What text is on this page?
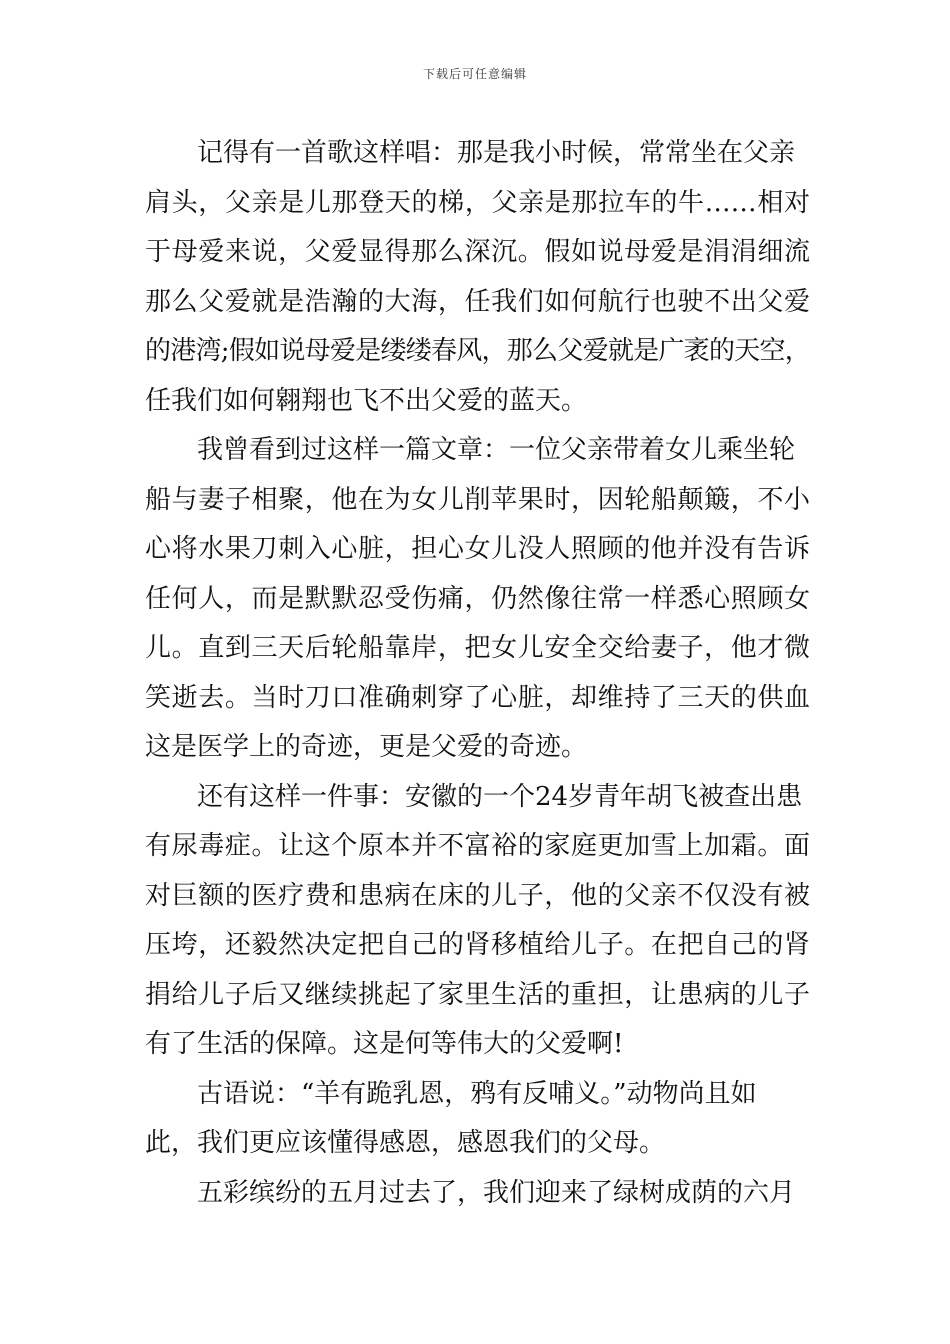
下载后可任意编辑
记得有一首歌这样唱：那是我小时候，常常坐在父亲
肩头，父亲是儿那登天的梯，父亲是那拉车的牛……相对
于母爱来说，父爱显得那么深沉。假如说母爱是涓涓细流
那么父爱就是浩瀚的大海，任我们如何航行也驶不出父爱
的港湾;假如说母爱是缕缕春风，那么父爱就是广袤的天空，
任我们如何翱翔也飞不出父爱的蓝天。
我曾看到过这样一篇文章：一位父亲带着女儿乘坐轮
船与妻子相聚，他在为女儿削苹果时，因轮船颠簸，不小
心将水果刀刺入心脏，担心女儿没人照顾的他并没有告诉
任何人，而是默默忍受伤痛，仍然像往常一样悉心照顾女
儿。直到三天后轮船靠岸，把女儿安全交给妻子，他才微
笑逝去。当时刀口准确刺穿了心脏，却维持了三天的供血
这是医学上的奇迹，更是父爱的奇迹。
还有这样一件事：安徽的一个24岁青年胡飞被查出患
有尿毒症。让这个原本并不富裕的家庭更加雪上加霜。面
对巨额的医疗费和患病在床的儿子，他的父亲不仅没有被
压垮，还毅然决定把自己的肾移植给儿子。在把自己的肾
捐给儿子后又继续挑起了家里生活的重担，让患病的儿子
有了生活的保障。这是何等伟大的父爱啊!
古语说：“羊有跪乳恩，鸦有反哺义。”动物尚且如
此，我们更应该懂得感恩，感恩我们的父母。
五彩缤纷的五月过去了，我们迎来了绿树成荫的六月
